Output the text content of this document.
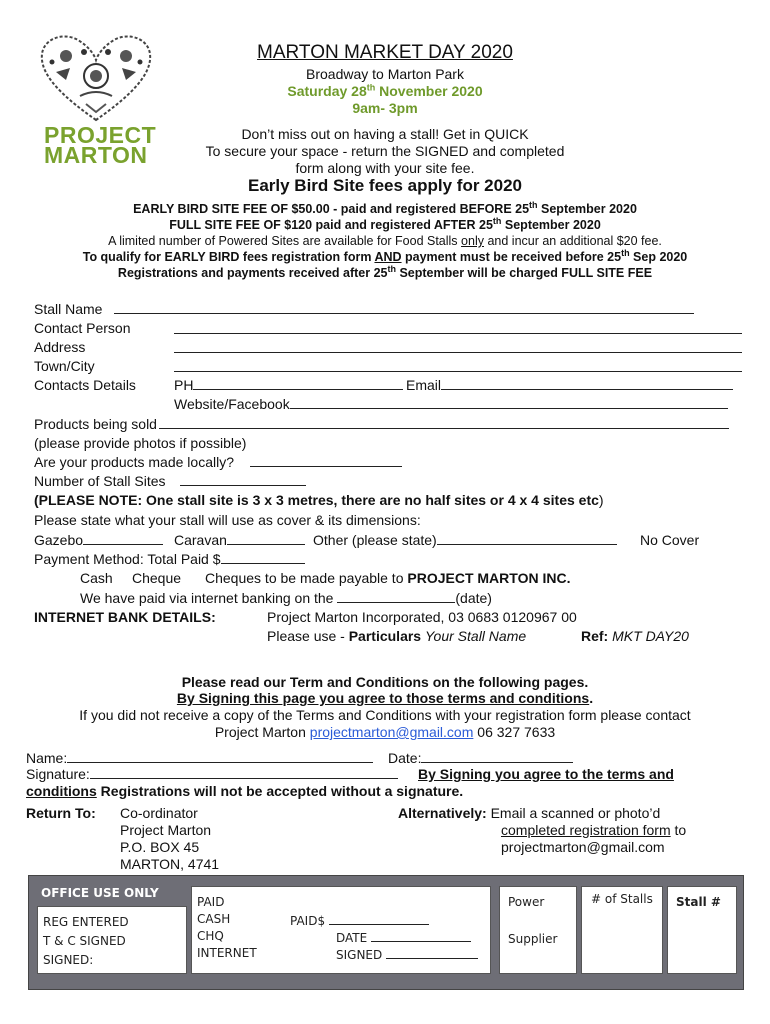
PROJECT
MARTON
MARTON MARKET DAY 2020
Broadway to Marton Park
Saturday 28th November 2020
9am- 3pm
Don’t miss out on having a stall! Get in QUICK
To secure your space - return the SIGNED and completed
form along with your site fee.
Early Bird Site fees apply for 2020
EARLY BIRD SITE FEE OF $50.00 - paid and registered BEFORE 25th September 2020
FULL SITE FEE OF $120 paid and registered AFTER 25th September 2020
A limited number of Powered Sites are available for Food Stalls only and incur an additional $20 fee.
To qualify for EARLY BIRD fees registration form AND payment must be received before 25th Sep 2020
Registrations and payments received after 25th September will be charged FULL SITE FEE
Stall Name
Contact Person
Address
Town/City
Contacts Details	PH	Email
Website/Facebook
Products being sold
(please provide photos if possible)
Are your products made locally?
Number of Stall Sites
(PLEASE NOTE: One stall site is 3 x 3 metres, there are no half sites or 4 x 4 sites etc)
Please state what your stall will use as cover & its dimensions:
Gazebo	Caravan	Other (please state)	No Cover
Payment Method: Total Paid $
Cash Cheque Cheques to be made payable to PROJECT MARTON INC.
We have paid via internet banking on the	(date)
INTERNET BANK DETAILS:	Project Marton Incorporated, 03 0683 0120967 00
Please use - Particulars Your Stall Name	Ref: MKT DAY20
Please read our Term and Conditions on the following pages.
By Signing this page you agree to those terms and conditions.
If you did not receive a copy of the Terms and Conditions with your registration form please contact
Project Marton projectmarton@gmail.com 06 327 7633
Name:	Date:
Signature:	By Signing you agree to the terms and
conditions Registrations will not be accepted without a signature.
Return To: Co-ordinator
Project Marton
P.O. BOX 45
MARTON, 4741
Alternatively: Email a scanned or photo’d
completed registration form to
projectmarton@gmail.com
OFFICE USE ONLY
REG ENTERED
T & C SIGNED
SIGNED:
PAID
CASH
CHQ
INTERNET
PAID$
DATE
SIGNED
Power
Supplier
# of Stalls Stall #
